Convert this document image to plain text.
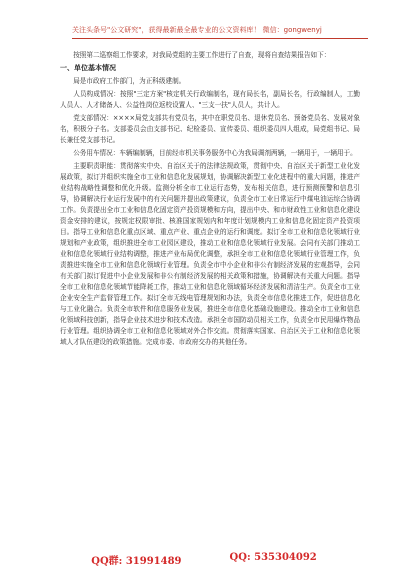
关注头条号"公文研究"，获得最新最全最专业的公文资料库！ 微信：gongwenyj

按照第二巡察组工作要求，对我局党组的主要工作进行了自查，现将自查结果报告如下：

一、单位基本情况

局是市政府工作部门，为正科级建制。

人员构成情况：按照"三定方案"核定机关行政编制名，现有局长名，副局长名，行政编制人，工勤人员人、人才储备人、公益性岗位返校设置人、"三支一扶"人员人，共计人。

党支部情况：××××局党支部共有党员名，其中在职党员名、退休党员名、预备党员名、发展对象名，积极分子名。支部委员会由支部书记、纪检委员、宣传委员、组织委员四人组成，局党组书记、局长兼任党支部书记。

公务用车情况：车辆编制辆，目前经市机关事务服务中心为我局调剂两辆，一辆用于，一辆用于。

主要职责职能：贯彻落实中央、自治区关于的法律法规政策，贯彻中央、自治区关于新型工业化发展政策，拟订并组织实施全市工业和信息化发展规划，协调解决新型工业化进程中的重大问题，推进产业结构战略性调整和优化升级。监测分析全市工业运行态势，发布相关信息，进行预测预警和信息引导，协调解决行业运行发展中的有关问题并提出政策建议，负责全市工业日常运行中煤电油运综合协调工作。负责提出全市工业和信息化固定资产投资规模和方向，提出中央、和市财政性工业和信息化建设资金安排的建议，按规定权限审批、核准国家规划内和年度计划规模内工业和信息化固定资产投资项目。指导工业和信息化重点区域、重点产业、重点企业的运行和调度。拟订全市工业和信息化领域行业规划和产业政策，组织推进全市工业园区建设，推动工业和信息化领域行业发展。会同有关部门推动工业和信息化领域行业结构调整，推进产业布局优化调整，承担全市工业和信息化领域行业管理工作，负责推进实施全市工业和信息化领域行业管理。负责全市中小企业和非公有制经济发展的宏观指导，会同有关部门拟订促进中小企业发展和非公有制经济发展的相关政策和措施，协调解决有关重大问题。指导全市工业和信息化领域节能降耗工作，推动工业和信息化领域循环经济发展和清洁生产。负责全市工业企业安全生产监督管理工作。拟订全市无线电管理规划和办法，负责全市信息化推进工作，促进信息化与工业化融合。负责全市软件和信息服务业发展，推进全市信息化基础设施建设。推动全市工业和信息化领域科技创新，指导企业技术进步和技术改造。承担全市国防动员相关工作，负责全市民用爆炸物品行业管理。组织协调全市工业和信息化领域对外合作交流。贯彻落实国家、自治区关于工业和信息化领域人才队伍建设的政策措施。完成市委、市政府交办的其他任务。

QQ群: 31991489	QQ: 535304092
